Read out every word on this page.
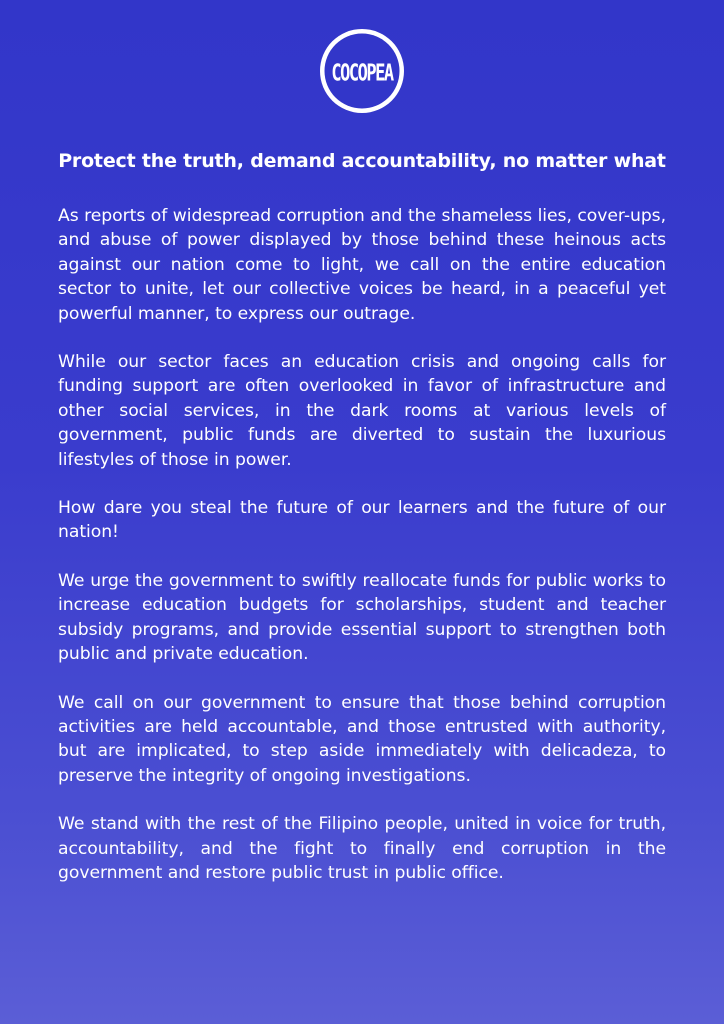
COCOPEA
Protect the truth, demand accountability, no matter what

As reports of widespread corruption and the shameless lies, cover-ups, and abuse of power displayed by those behind these heinous acts against our nation come to light, we call on the entire education sector to unite, let our collective voices be heard, in a peaceful yet powerful manner, to express our outrage.

While our sector faces an education crisis and ongoing calls for funding support are often overlooked in favor of infrastructure and other social services, in the dark rooms at various levels of government, public funds are diverted to sustain the luxurious lifestyles of those in power.

How dare you steal the future of our learners and the future of our nation!

We urge the government to swiftly reallocate funds for public works to increase education budgets for scholarships, student and teacher subsidy programs, and provide essential support to strengthen both public and private education.

We call on our government to ensure that those behind corruption activities are held accountable, and those entrusted with authority, but are implicated, to step aside immediately with delicadeza, to preserve the integrity of ongoing investigations.

We stand with the rest of the Filipino people, united in voice for truth, accountability, and the fight to finally end corruption in the government and restore public trust in public office.
